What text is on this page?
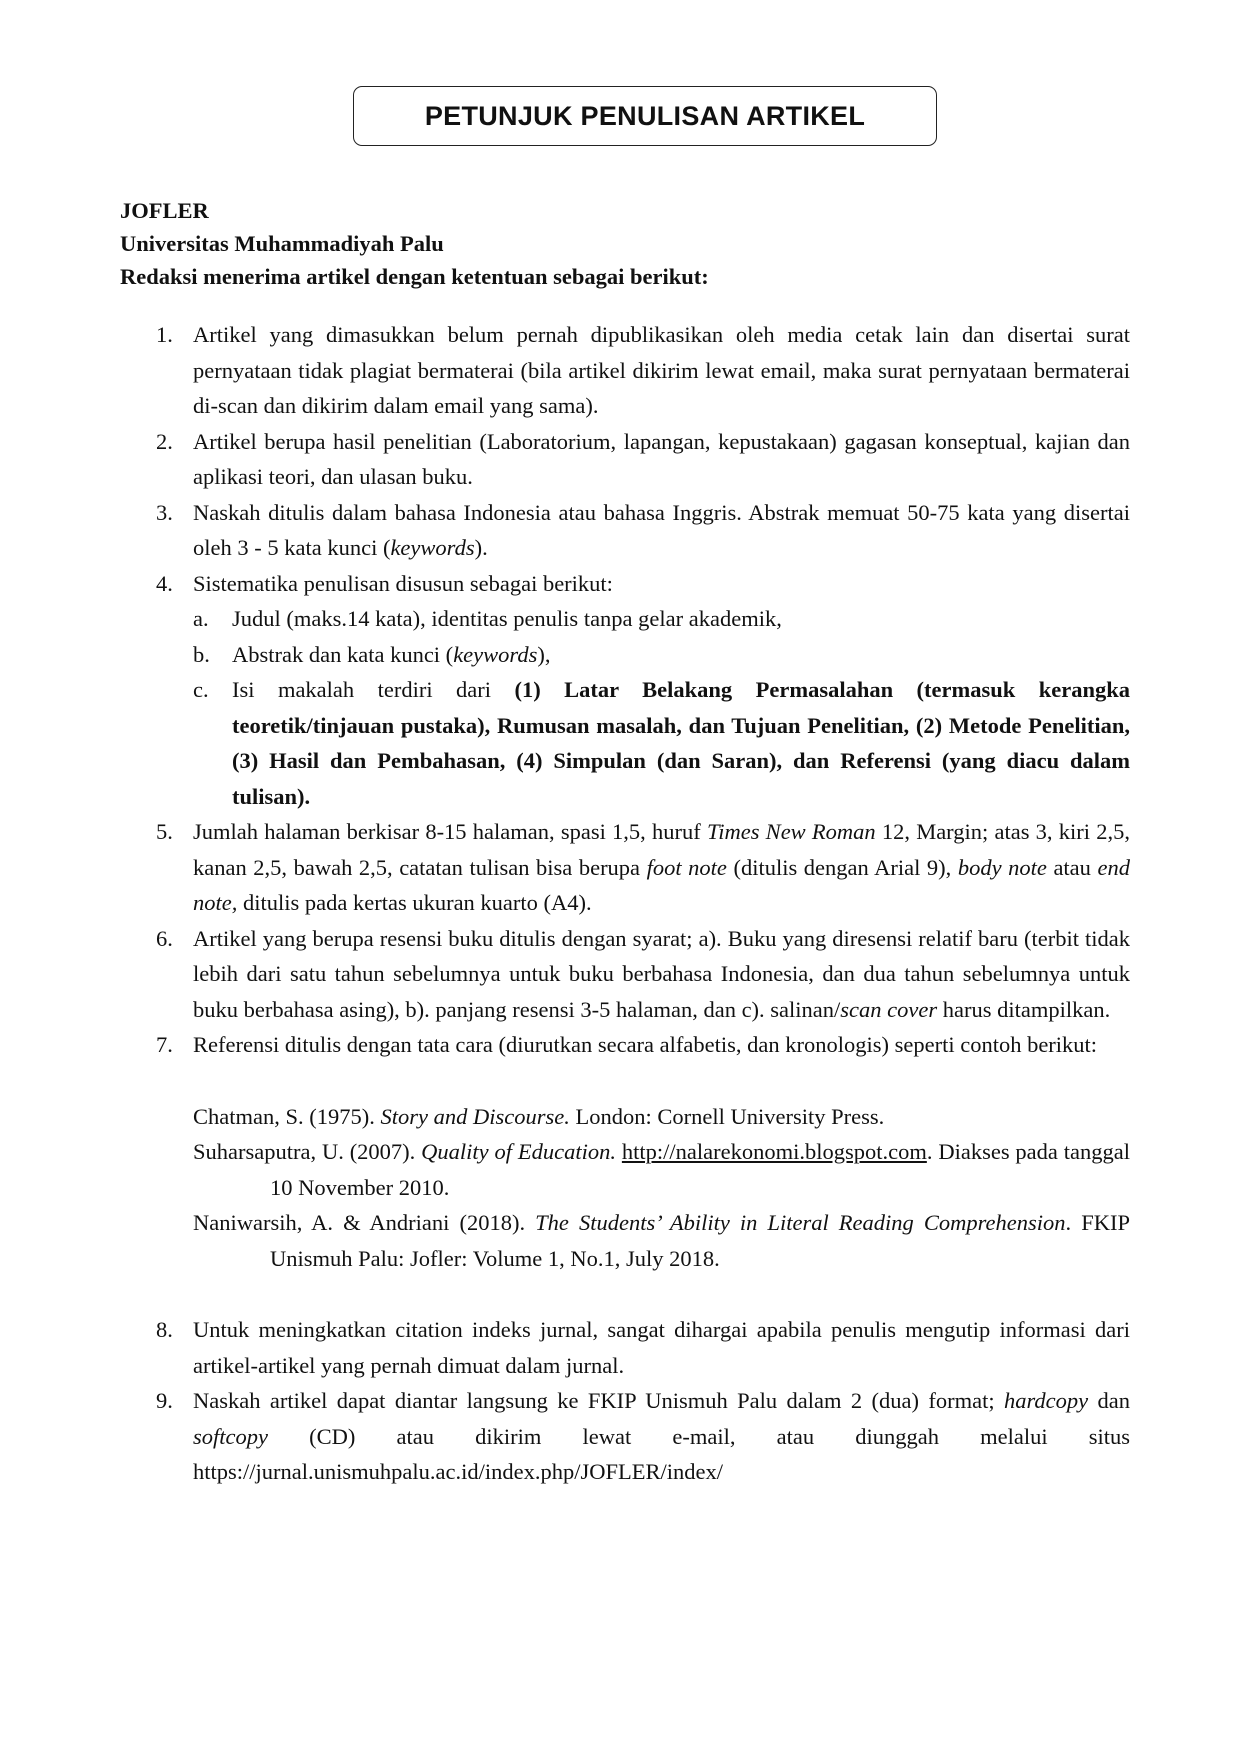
PETUNJUK PENULISAN ARTIKEL
JOFLER
Universitas Muhammadiyah Palu
Redaksi menerima artikel dengan ketentuan sebagai berikut:
1. Artikel yang dimasukkan belum pernah dipublikasikan oleh media cetak lain dan disertai surat pernyataan tidak plagiat bermaterai (bila artikel dikirim lewat email, maka surat pernyataan bermaterai di-scan dan dikirim dalam email yang sama).
2. Artikel berupa hasil penelitian (Laboratorium, lapangan, kepustakaan) gagasan konseptual, kajian dan aplikasi teori, dan ulasan buku.
3. Naskah ditulis dalam bahasa Indonesia atau bahasa Inggris. Abstrak memuat 50-75 kata yang disertai oleh 3 - 5 kata kunci (keywords).
4. Sistematika penulisan disusun sebagai berikut:
a. Judul (maks.14 kata), identitas penulis tanpa gelar akademik,
b. Abstrak dan kata kunci (keywords),
c. Isi makalah terdiri dari (1) Latar Belakang Permasalahan (termasuk kerangka teoretik/tinjauan pustaka), Rumusan masalah, dan Tujuan Penelitian, (2) Metode Penelitian, (3) Hasil dan Pembahasan, (4) Simpulan (dan Saran), dan Referensi (yang diacu dalam tulisan).
5. Jumlah halaman berkisar 8-15 halaman, spasi 1,5, huruf Times New Roman 12, Margin; atas 3, kiri 2,5, kanan 2,5, bawah 2,5, catatan tulisan bisa berupa foot note (ditulis dengan Arial 9), body note atau end note, ditulis pada kertas ukuran kuarto (A4).
6. Artikel yang berupa resensi buku ditulis dengan syarat; a). Buku yang diresensi relatif baru (terbit tidak lebih dari satu tahun sebelumnya untuk buku berbahasa Indonesia, dan dua tahun sebelumnya untuk buku berbahasa asing), b). panjang resensi 3-5 halaman, dan c). salinan/scan cover harus ditampilkan.
7. Referensi ditulis dengan tata cara (diurutkan secara alfabetis, dan kronologis) seperti contoh berikut:
Chatman, S. (1975). Story and Discourse. London: Cornell University Press.
Suharsaputra, U. (2007). Quality of Education. http://nalarekonomi.blogspot.com. Diakses pada tanggal 10 November 2010.
Naniwarsih, A. & Andriani (2018). The Students’ Ability in Literal Reading Comprehension. FKIP Unismuh Palu: Jofler: Volume 1, No.1, July 2018.
8. Untuk meningkatkan citation indeks jurnal, sangat dihargai apabila penulis mengutip informasi dari artikel-artikel yang pernah dimuat dalam jurnal.
9. Naskah artikel dapat diantar langsung ke FKIP Unismuh Palu dalam 2 (dua) format; hardcopy dan softcopy (CD) atau dikirim lewat e-mail, atau diunggah melalui situs https://jurnal.unismuhpalu.ac.id/index.php/JOFLER/index/
